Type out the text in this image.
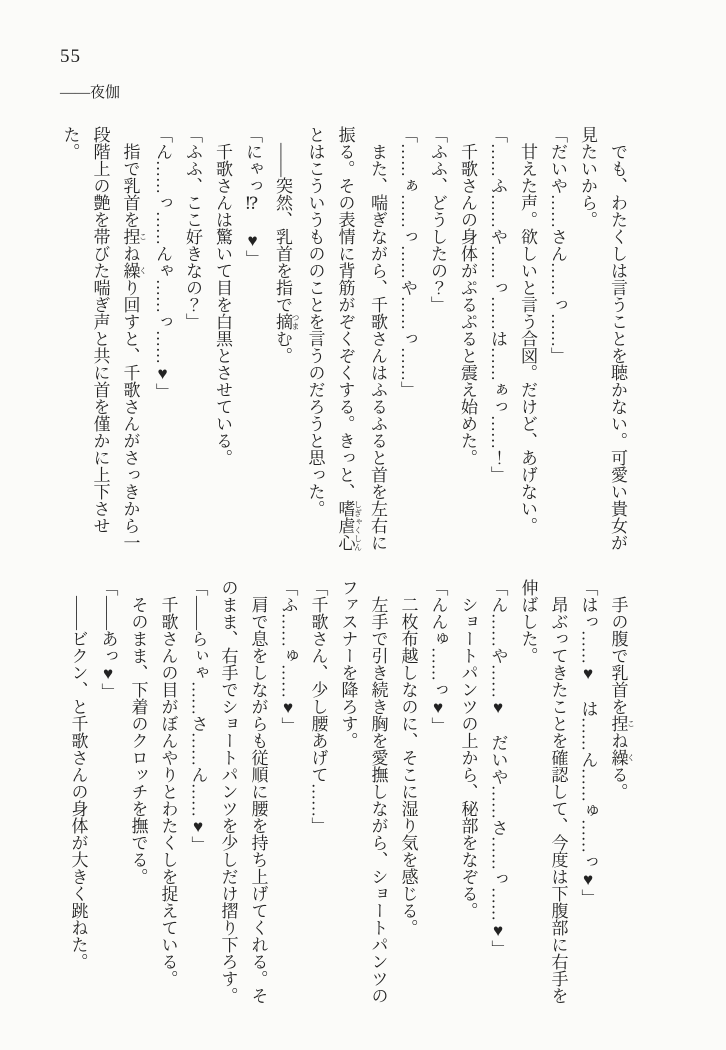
55
——夜伽

でも、わたくしは言うことを聴かない。可愛い貴女が

見たいから。

「だいや……さん……っ……」

甘えた声。欲しいと言う合図。だけど、あげない。

「……ふ……や……っ……は……ぁっ……！」

千歌さんの身体がぷるぷると震え始めた。

「ふふ、どうしたの？」

「……ぁ……っ……や……っ……」

また、喘ぎながら、千歌さんはふるふると首を左右に

振る。その表情に背筋がぞくぞくする。きっと、嗜虐心 しぎゃくしん

とはこういうもののことを言うのだろうと思った。

——突然、乳首を指で摘 つまむ。

「にゃっ⁉　♥」

千歌さんは驚いて目を白黒とさせている。

「ふふ、ここ好きなの？」

「ん……っ……んゃ……っ……♥」

指で乳首を捏 こね繰 くり回すと、千歌さんがさっきから一

段階上の艶を帯びた喘ぎ声と共に首を僅かに上下させ

た。

手の腹で乳首を捏 こね繰 くる。

「はっ……♥　は……ん……ゅ……っ♥」

昂ぶってきたことを確認して、今度は下腹部に右手を

伸ばした。

「ん……や……♥　だいや……さ……っ……♥」

ショートパンツの上から、秘部をなぞる。

「んんゅ……っ♥」

二枚布越しなのに、そこに湿り気を感じる。

左手で引き続き胸を愛撫しながら、ショートパンツの

ファスナーを降ろす。

「千歌さん、少し腰あげて……」

「ふ……ゅ……♥」

肩で息をしながらも従順に腰を持ち上げてくれる。そ

のまま、右手でショートパンツを少しだけ摺り下ろす。

「——らぃゃ……さ……ん……♥」

千歌さんの目がぼんやりとわたくしを捉えている。

そのまま、下着のクロッチを撫でる。

「——あっ♥」

——ビクン、と千歌さんの身体が大きく跳ねた。
